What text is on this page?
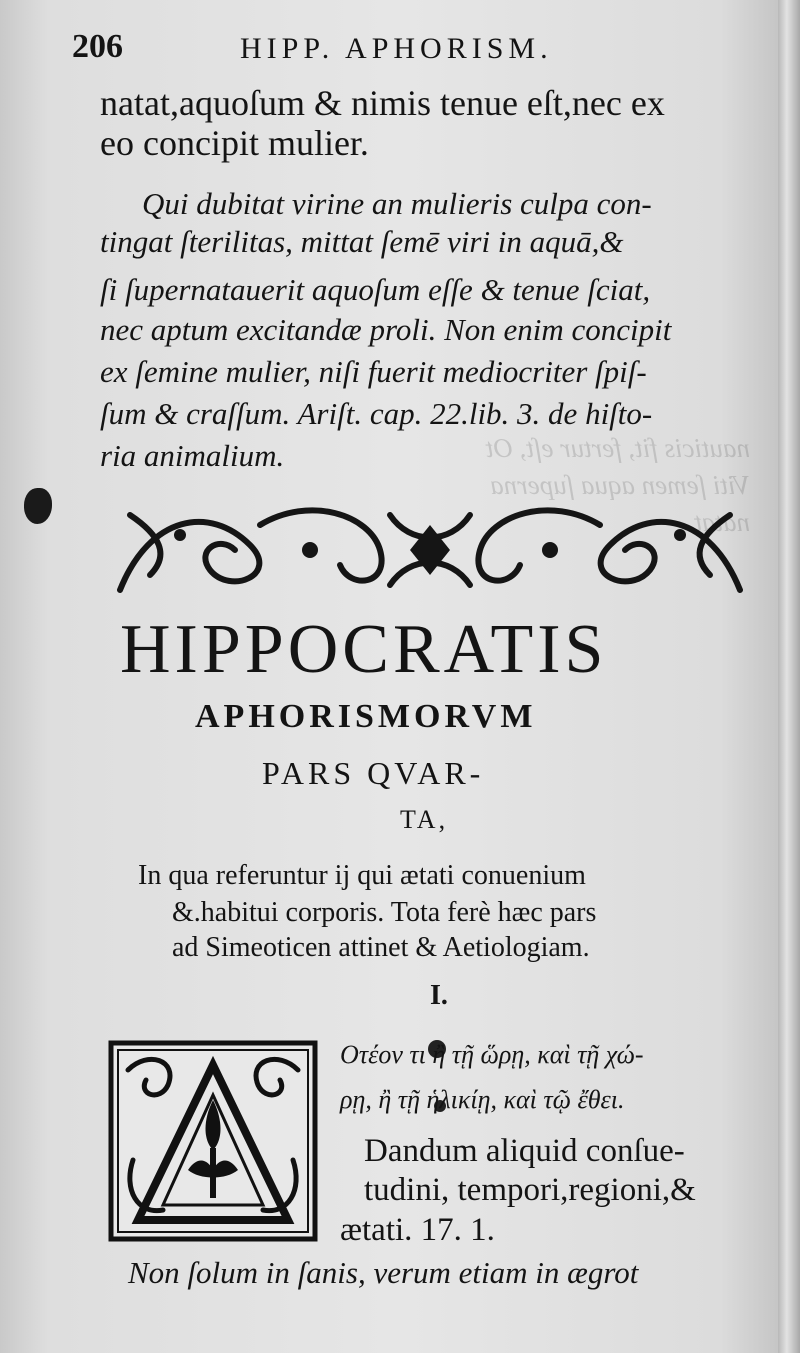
nauticis fit, fertur eſt, Ot
Viti ſemen aqua ſuperna
natat
206	HIPP. APHORISM.
natat,aquoſum & nimis tenue eſt,nec ex
eo concipit mulier.
Qui dubitat virine an mulieris culpa con-
tingat ſterilitas, mittat ſemē viri in aquā,&
ſi ſupernatauerit aquoſum eſſe & tenue ſciat,
nec aptum excitandæ proli. Non enim concipit
ex ſemine mulier, niſi fuerit mediocriter ſpiſ-
ſum & craſſum. Ariſt. cap. 22.lib. 3. de hiſto-
ria animalium.
HIPPOCRATIS
APHORISMORVM
PARS QVAR-
TA,
In qua referuntur ij qui ætati conuenium
&.habitui corporis. Tota ferè hæc pars
ad Simeoticen attinet & Aetiologiam.
I.
Οτέον τι ἢ τῇ ὥρῃ, καὶ τῇ χώ-
ρῃ, ἢ τῇ ἡλικίῃ, καὶ τῷ ἔθει.
Dandum aliquid conſue-
tudini, tempori,regioni,&
ætati. 17. 1.
Non ſolum in ſanis, verum etiam in ægrot
